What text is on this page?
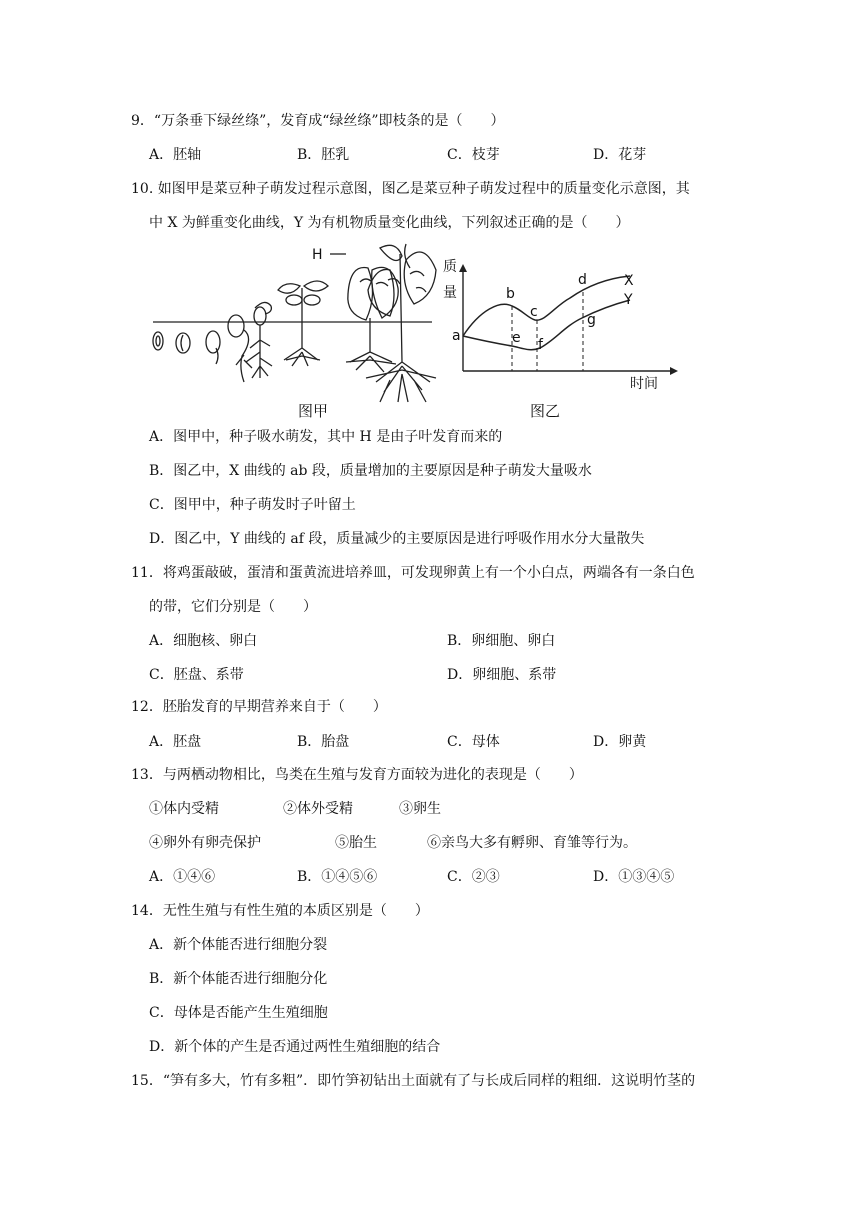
9．“万条垂下绿丝绦”，发育成“绿丝绦”即枝条的是（　　）
A．胚轴	B．胚乳	C．枝芽	D．花芽
10. 如图甲是菜豆种子萌发过程示意图，图乙是菜豆种子萌发过程中的质量变化示意图，其
中 X 为鲜重变化曲线，Y 为有机物质量变化曲线，下列叙述正确的是（　　）
H
质
量
时间
X
Y
a
b
c
d
e f
g
图甲	图乙
A．图甲中，种子吸水萌发，其中 H 是由子叶发育而来的
B．图乙中，X 曲线的 ab 段，质量增加的主要原因是种子萌发大量吸水
C．图甲中，种子萌发时子叶留土
D．图乙中，Y 曲线的 af 段，质量减少的主要原因是进行呼吸作用水分大量散失
11．将鸡蛋敲破，蛋清和蛋黄流进培养皿，可发现卵黄上有一个小白点，两端各有一条白色
的带，它们分别是（　　）
A．细胞核、卵白	B．卵细胞、卵白
C．胚盘、系带	D．卵细胞、系带
12．胚胎发育的早期营养来自于（　　）
A．胚盘	B．胎盘	C．母体	D．卵黄
13．与两栖动物相比，鸟类在生殖与发育方面较为进化的表现是（　　）
①体内受精	②体外受精	③卵生
④卵外有卵壳保护	⑤胎生	⑥亲鸟大多有孵卵、育雏等行为。
A．①④⑥	B．①④⑤⑥	C．②③	D．①③④⑤
14．无性生殖与有性生殖的本质区别是（　　）
A．新个体能否进行细胞分裂
B．新个体能否进行细胞分化
C．母体是否能产生生殖细胞
D．新个体的产生是否通过两性生殖细胞的结合
15．“笋有多大，竹有多粗”．即竹笋初钻出土面就有了与长成后同样的粗细．这说明竹茎的
